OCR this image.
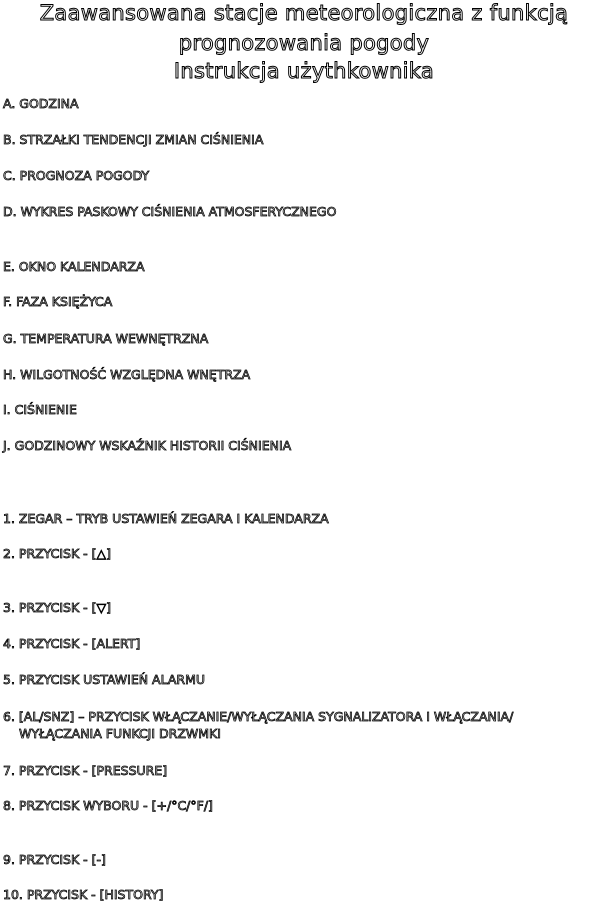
Zaawansowana stacje meteorologiczna z funkcją
prognozowania pogody
Instrukcja użythkownika
A. GODZINA
B. STRZAŁKI TENDENCJI ZMIAN CIŚNIENIA
C. PROGNOZA POGODY
D. WYKRES PASKOWY CIŚNIENIA ATMOSFERYCZNEGO
E. OKNO KALENDARZA
F. FAZA KSIĘŻYCA
G. TEMPERATURA WEWNĘTRZNA
H. WILGOTNOŚĆ WZGLĘDNA WNĘTRZA
I. CIŚNIENIE
J. GODZINOWY WSKAŹNIK HISTORII CIŚNIENIA
1. ZEGAR – TRYB USTAWIEŃ ZEGARA I KALENDARZA
2. PRZYCISK - [△]
3. PRZYCISK - [▽]
4. PRZYCISK - [ALERT]
5. PRZYCISK USTAWIEŃ ALARMU
6. [AL/SNZ] – PRZYCISK WŁĄCZANIE/WYŁĄCZANIA SYGNALIZATORA I WŁĄCZANIA/
WYŁĄCZANIA FUNKCJI DRZWMKI
7. PRZYCISK - [PRESSURE]
8. PRZYCISK WYBORU - [+/°C/°F/]
9. PRZYCISK - [-]
10. PRZYCISK - [HISTORY]
